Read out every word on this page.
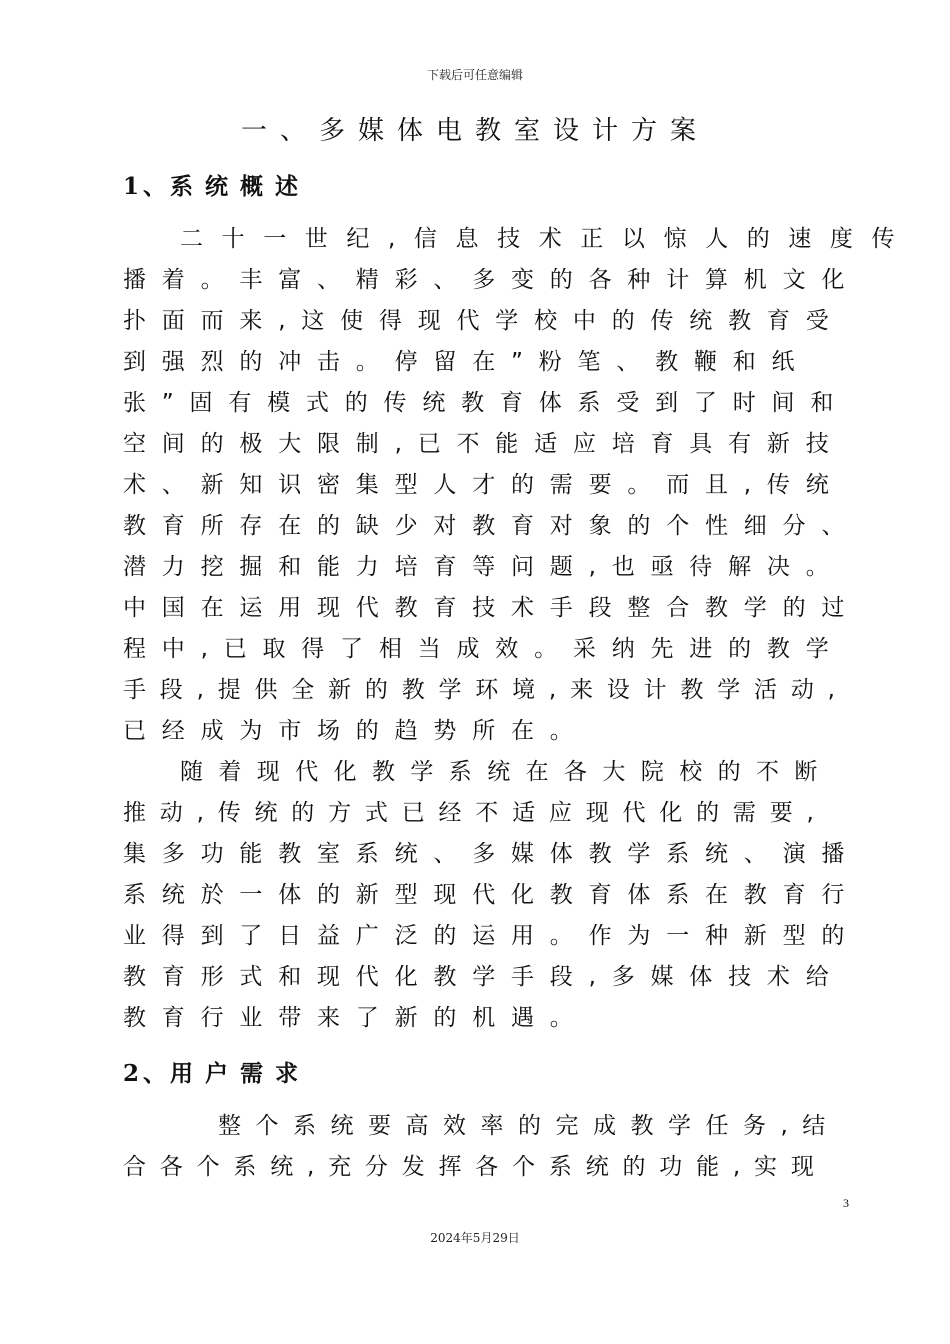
下载后可任意编辑
一、多媒体电教室设计方案
1、系统概述

二十一世纪,信息技术正以惊人的速度传

播着。丰富、精彩、多变的各种计算机文化

扑面而来,这使得现代学校中的传统教育受

到强烈的冲击。停留在”粉笔、教鞭和纸

张”固有模式的传统教育体系受到了时间和

空间的极大限制,已不能适应培育具有新技

术、新知识密集型人才的需要。而且,传统

教育所存在的缺少对教育对象的个性细分、

潜力挖掘和能力培育等问题,也亟待解决。

中国在运用现代教育技术手段整合教学的过

程中,已取得了相当成效。采纳先进的教学

手段,提供全新的教学环境,来设计教学活动,

已经成为市场的趋势所在。

随着现代化教学系统在各大院校的不断

推动,传统的方式已经不适应现代化的需要,

集多功能教室系统、多媒体教学系统、演播

系统於一体的新型现代化教育体系在教育行

业得到了日益广泛的运用。作为一种新型的

教育形式和现代化教学手段,多媒体技术给

教育行业带来了新的机遇。

2、用户需求

整个系统要高效率的完成教学任务,结

合各个系统,充分发挥各个系统的功能,实现

3
2024年5月29日
